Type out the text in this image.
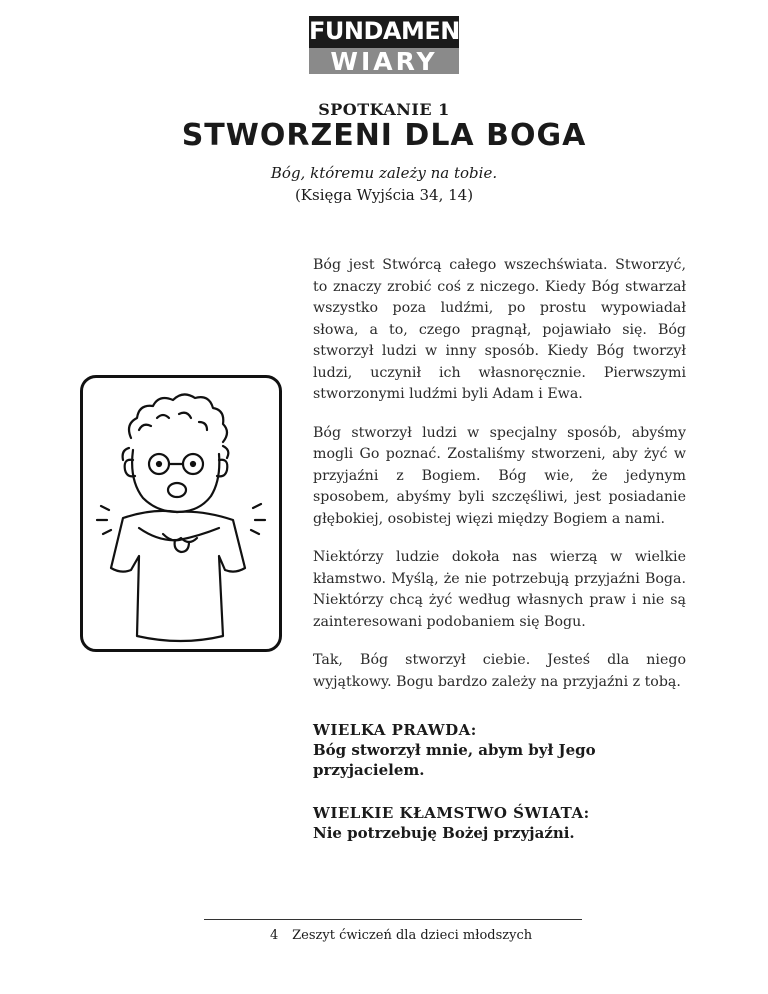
FUNDAMENTY
WIARY
SPOTKANIE 1
STWORZENI DLA BOGA
Bóg, któremu zależy na tobie.
(Księga Wyjścia 34, 14)

Bóg jest Stwórcą całego wszechświata. Stworzyć, to znaczy zrobić coś z niczego. Kiedy Bóg stwarzał wszystko poza ludźmi, po prostu wypowiadał słowa, a to, czego pragnął, pojawiało się. Bóg stworzył ludzi w inny sposób. Kiedy Bóg tworzył ludzi, uczynił ich własnoręcznie. Pierwszymi stworzonymi ludźmi byli Adam i Ewa.

Bóg stworzył ludzi w specjalny sposób, abyśmy mogli Go poznać. Zostaliśmy stworzeni, aby żyć w przyjaźni z Bogiem. Bóg wie, że jedynym sposobem, abyśmy byli szczęśliwi, jest posiadanie głębokiej, osobistej więzi między Bogiem a nami.

Niektórzy ludzie dokoła nas wierzą w wielkie kłamstwo. Myślą, że nie potrzebują przyjaźni Boga. Niektórzy chcą żyć według własnych praw i nie są zainteresowani podobaniem się Bogu.

Tak, Bóg stworzył ciebie. Jesteś dla niego wyjątkowy. Bogu bardzo zależy na przyjaźni z tobą.

WIELKA PRAWDA:
Bóg stworzył mnie, abym był Jego przyjacielem.
WIELKIE KŁAMSTWO ŚWIATA:
Nie potrzebuję Bożej przyjaźni.
4 Zeszyt ćwiczeń dla dzieci młodszych
